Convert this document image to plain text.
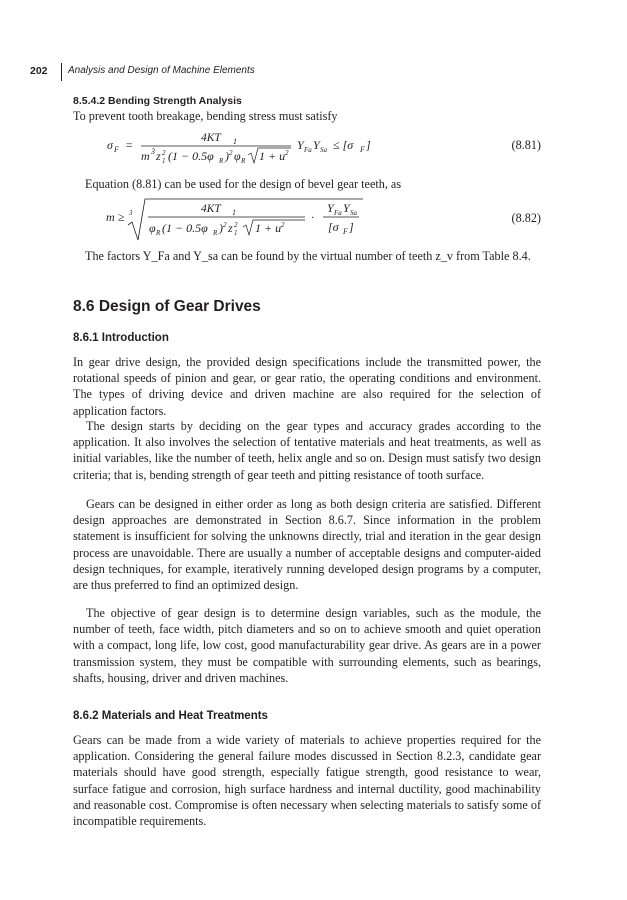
202 Analysis and Design of Machine Elements
8.5.4.2 Bending Strength Analysis
To prevent tooth breakage, bending stress must satisfy
σ F =	4KT 1
m 3 z 2
1 (1 − 0.5φ R ) 2 φ R 1 + u 2
Y Fa Y Sa ≤ [σ F ]	(8.81)
Equation (8.81) can be used for the design of bevel gear teeth, as
m ≥ 3	4KT 1
φ R (1 − 0.5φ R ) 2 z 2
1 1 + u 2
·
Y Fa Y Sa
[σ F ]
(8.82)
The factors Y_Fa and Y_sa can be found by the virtual number of teeth z_v from Table 8.4.
8.6 Design of Gear Drives
8.6.1 Introduction
In gear drive design, the provided design specifications include the transmitted power, the rotational speeds of pinion and gear, or gear ratio, the operating conditions and environment. The types of driving device and driven machine are also required for the selection of application factors.
The design starts by deciding on the gear types and accuracy grades according to the application. It also involves the selection of tentative materials and heat treatments, as well as initial variables, like the number of teeth, helix angle and so on. Design must satisfy two design criteria; that is, bending strength of gear teeth and pitting resistance of tooth surface.
Gears can be designed in either order as long as both design criteria are satisfied. Different design approaches are demonstrated in Section 8.6.7. Since information in the problem statement is insufficient for solving the unknowns directly, trial and iteration in the gear design process are unavoidable. There are usually a number of acceptable designs and computer-aided design techniques, for example, iteratively running developed design programs by a computer, are thus preferred to find an optimized design.
The objective of gear design is to determine design variables, such as the module, the number of teeth, face width, pitch diameters and so on to achieve smooth and quiet operation with a compact, long life, low cost, good manufacturability gear drive. As gears are in a power transmission system, they must be compatible with surrounding elements, such as bearings, shafts, housing, driver and driven machines.
8.6.2 Materials and Heat Treatments
Gears can be made from a wide variety of materials to achieve properties required for the application. Considering the general failure modes discussed in Section 8.2.3, candidate gear materials should have good strength, especially fatigue strength, good resistance to wear, surface fatigue and corrosion, high surface hardness and internal ductility, good machinability and reasonable cost. Compromise is often necessary when selecting materials to satisfy some of incompatible requirements.
